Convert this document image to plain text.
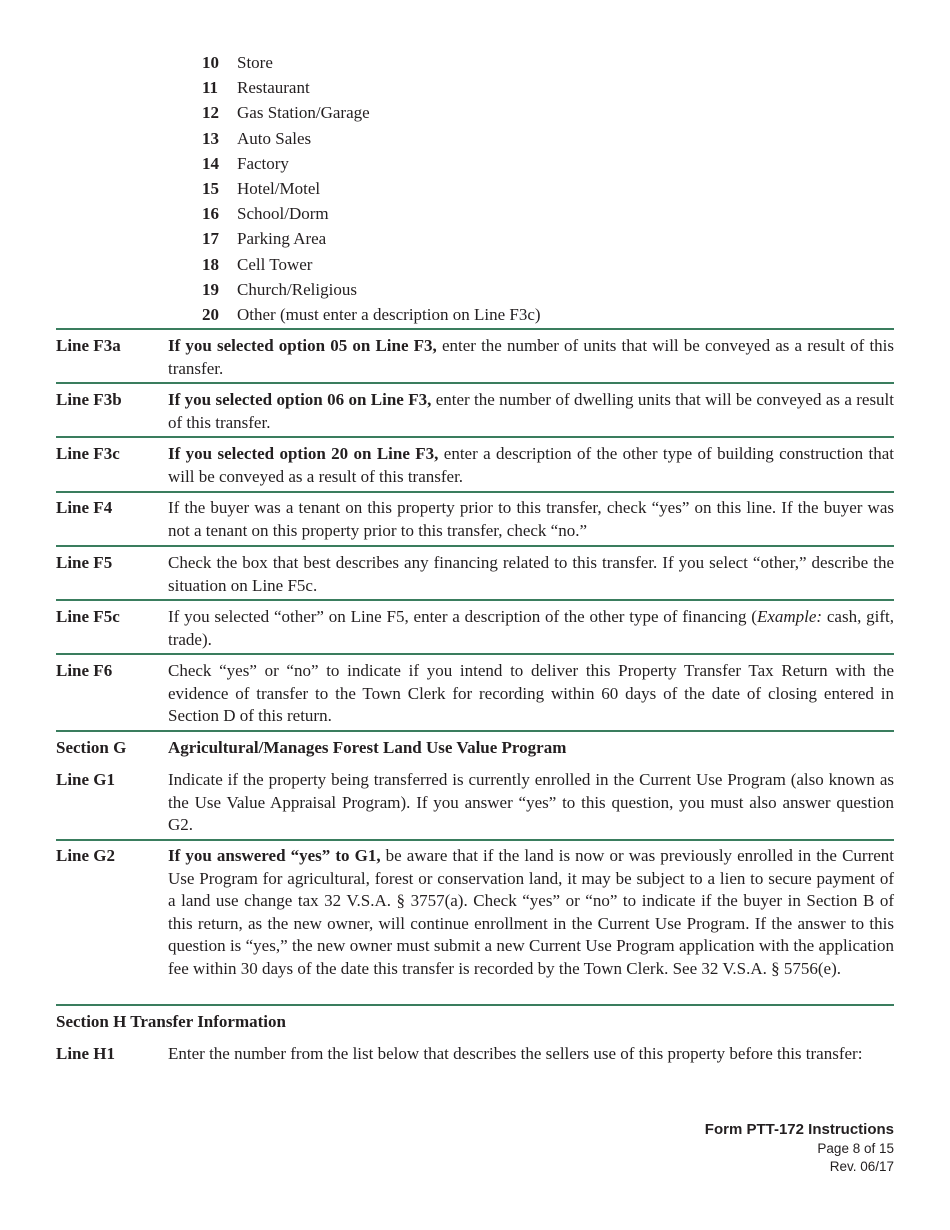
10 Store
11 Restaurant
12 Gas Station/Garage
13 Auto Sales
14 Factory
15 Hotel/Motel
16 School/Dorm
17 Parking Area
18 Cell Tower
19 Church/Religious
20 Other (must enter a description on Line F3c)
Line F3a	If you selected option 05 on Line F3, enter the number of units that will be conveyed as a result of this transfer.
Line F3b	If you selected option 06 on Line F3, enter the number of dwelling units that will be conveyed as a result of this transfer.
Line F3c	If you selected option 20 on Line F3, enter a description of the other type of building construction that will be conveyed as a result of this transfer.
Line F4	If the buyer was a tenant on this property prior to this transfer, check “yes” on this line. If the buyer was not a tenant on this property prior to this transfer, check “no.”
Line F5	Check the box that best describes any financing related to this transfer. If you select “other,” describe the situation on Line F5c.
Line F5c	If you selected “other” on Line F5, enter a description of the other type of financing (Example: cash, gift, trade).
Line F6	Check “yes” or “no” to indicate if you intend to deliver this Property Transfer Tax Return with the evidence of transfer to the Town Clerk for recording within 60 days of the date of closing entered in Section D of this return.
Section G Agricultural/Manages Forest Land Use Value Program
Line G1	Indicate if the property being transferred is currently enrolled in the Current Use Program (also known as the Use Value Appraisal Program). If you answer “yes” to this question, you must also answer question G2.
Line G2	If you answered “yes” to G1, be aware that if the land is now or was previously enrolled in the Current Use Program for agricultural, forest or conservation land, it may be subject to a lien to secure payment of a land use change tax 32 V.S.A. § 3757(a). Check “yes” or “no” to indicate if the buyer in Section B of this return, as the new owner, will continue enrollment in the Current Use Program. If the answer to this question is “yes,” the new owner must submit a new Current Use Program application with the application fee within 30 days of the date this transfer is recorded by the Town Clerk. See 32 V.S.A. § 5756(e).
Section H Transfer Information
Line H1	Enter the number from the list below that describes the sellers use of this property before this transfer:
Form PTT-172 Instructions
Page 8 of 15
Rev. 06/17
